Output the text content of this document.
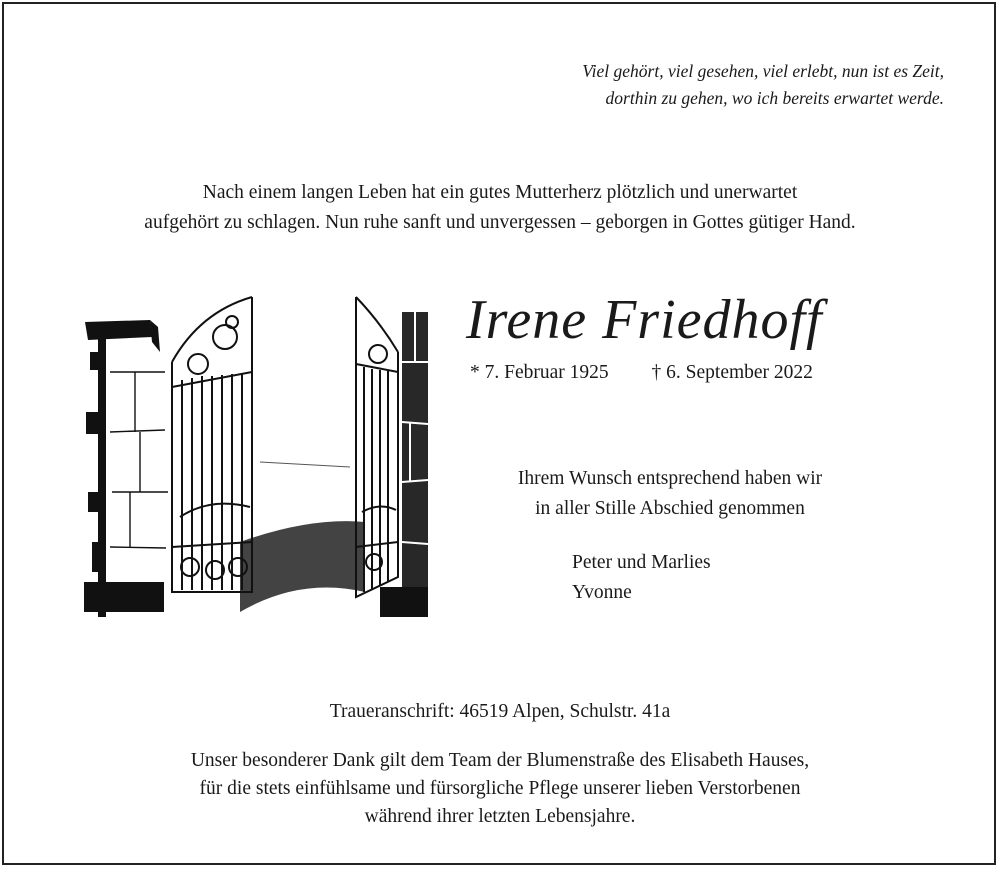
Viel gehört, viel gesehen, viel erlebt, nun ist es Zeit,
dorthin zu gehen, wo ich bereits erwartet werde.
Nach einem langen Leben hat ein gutes Mutterherz plötzlich und unerwartet
aufgehört zu schlagen. Nun ruhe sanft und unvergessen – geborgen in Gottes gütiger Hand.
Irene Friedhoff
* 7. Februar 1925 † 6. September 2022
Ihrem Wunsch entsprechend haben wir
in aller Stille Abschied genommen
Peter und Marlies
Yvonne
Traueranschrift: 46519 Alpen, Schulstr. 41a
Unser besonderer Dank gilt dem Team der Blumenstraße des Elisabeth Hauses,
für die stets einfühlsame und fürsorgliche Pflege unserer lieben Verstorbenen
während ihrer letzten Lebensjahre.
